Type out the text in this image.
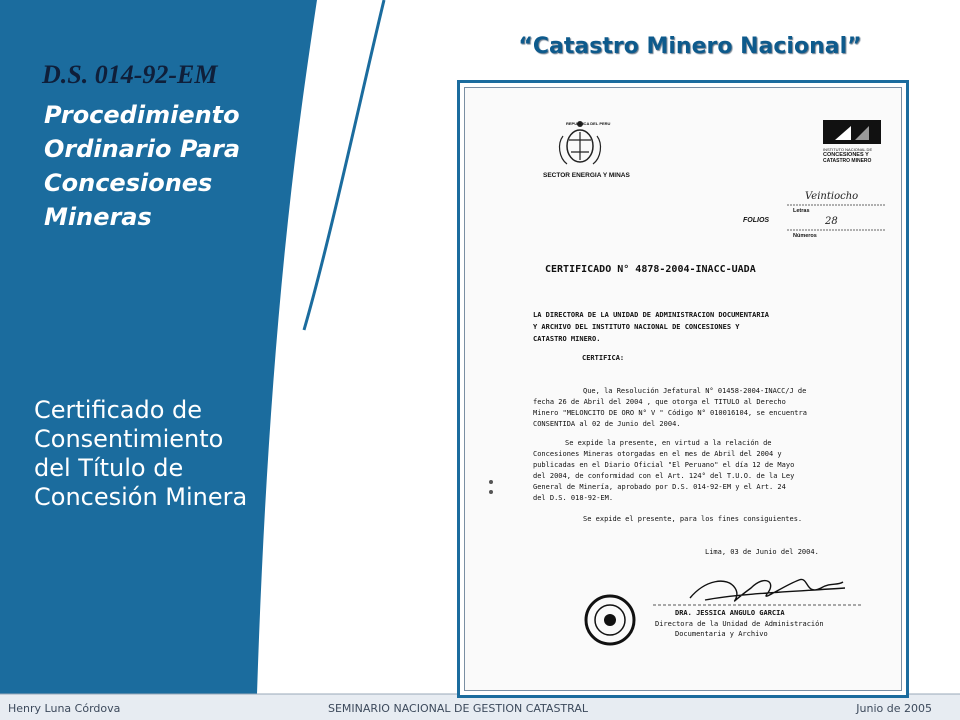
D.S. 014-92-EM

Procedimiento Ordinario Para Concesiones Mineras

Certificado de Consentimiento del Título de Concesión Minera

“Catastro Minero Nacional”

REPUBLICA DEL PERU
SECTOR ENERGIA Y MINAS
INSTITUTO NACIONAL DE
CONCESIONES Y
CATASTRO MINERO
Veintiocho
Letras
FOLIOS	28
Números

CERTIFICADO N° 4878-2004-INACC-UADA

LA DIRECTORA DE LA UNIDAD DE ADMINISTRACION DOCUMENTARIA

Y ARCHIVO DEL INSTITUTO NACIONAL DE CONCESIONES Y

CATASTRO MINERO.

CERTIFICA:

Que, la Resolución Jefatural N° 01458-2004-INACC/J de

fecha 26 de Abril del 2004 , que otorga el TITULO al Derecho

Minero "MELONCITO DE ORO N° V " Código N° 010016104, se encuentra

CONSENTIDA al 02 de Junio del 2004.

Se expide la presente, en virtud a la relación de

Concesiones Mineras otorgadas en el mes de Abril del 2004 y

publicadas en el Diario Oficial "El Peruano" el día 12 de Mayo

del 2004, de conformidad con el Art. 124° del T.U.O. de la Ley

General de Minería, aprobado por D.S. 014-92-EM y el Art. 24

del D.S. 018-92-EM.

Se expide el presente, para los fines consiguientes.

Lima, 03 de Junio del 2004.

DRA. JESSICA ANGULO GARCIA

Directora de la Unidad de Administración

Documentaria y Archivo

Henry Luna Córdova	SEMINARIO NACIONAL DE GESTION CATASTRAL	Junio de 2005
